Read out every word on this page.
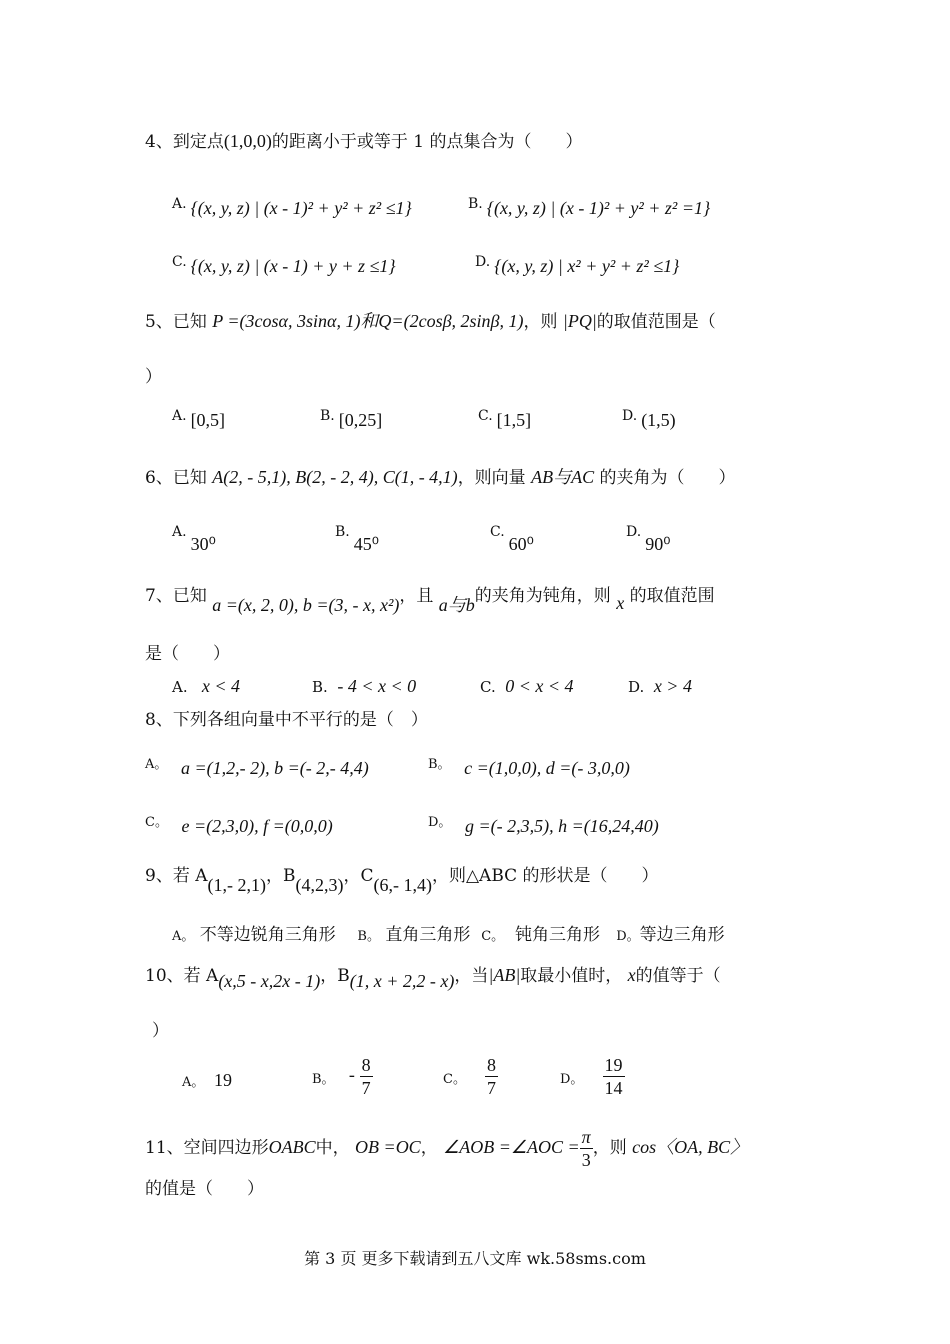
4、到定点(1,0,0)的距离小于或等于 1 的点集合为（　　）
A. {(x, y, z) | (x - 1)² + y² + z² ≤1}	B. {(x, y, z) | (x - 1)² + y² + z² =1}
C. {(x, y, z) | (x - 1) + y + z ≤1}	D. {(x, y, z) | x² + y² + z² ≤1}
5、已知 P =(3cosα, 3sinα, 1)和Q=(2cosβ, 2sinβ, 1)，则 |PQ|的取值范围是（
）
A. [0,5]	B. [0,25]	C. [1,5]	D. (1,5)
6、已知 A(2, - 5,1), B(2, - 2, 4), C(1, - 4,1)，则向量 AB与AC 的夹角为（　　）
A.30⁰
B.45⁰
C.60⁰
D.90⁰
7、已知 a =(x, 2, 0), b =(3, - x, x²)，且 a与b的夹角为钝角，则 x 的取值范围
是（　　）
A. x < 4	B. - 4 < x < 0	C. 0 < x < 4	D. x > 4
8、下列各组向量中不平行的是（　）
A。 a =(1,2,- 2), b =(- 2,- 4,4)	B。 c =(1,0,0), d =(- 3,0,0)
C。 e =(2,3,0), f =(0,0,0)	D。 g =(- 2,3,5), h =(16,24,40)
9、若 A(1,- 2,1)，B(4,2,3)，C(6,- 1,4)，则△ABC 的形状是（　　）
A。 不等边锐角三角形 B。 直角三角形 C。 钝角三角形 D。等边三角形
10、若 A(x,5 - x,2x - 1)，B(1, x + 2,2 - x)，当|AB|取最小值时， x的值等于（
）
A。 19	B。 - $\frac{8}{7}$	C。 $\frac{8}{7}$	D。 $\frac{19}{14}$
11、空间四边形OABC中， OB =OC， ∠AOB =∠AOC = $\frac{\pi}{3}$ ，则 cos〈OA, BC〉
的值是（　　）
第 3 页 更多下载请到五八文库 wk.58sms.com
